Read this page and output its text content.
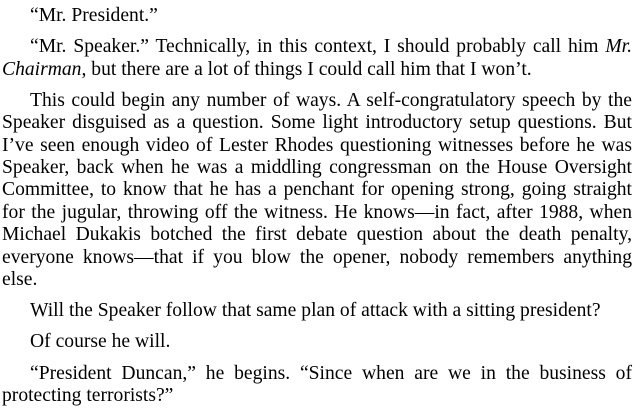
“Mr. President.”

“Mr. Speaker.” Technically, in this context, I should probably call him Mr. Chairman, but there are a lot of things I could call him that I won’t.

This could begin any number of ways. A self-congratulatory speech by the Speaker disguised as a question. Some light introductory setup questions. But I’ve seen enough video of Lester Rhodes questioning witnesses before he was Speaker, back when he was a middling congressman on the House Oversight Committee, to know that he has a penchant for opening strong, going straight for the jugular, throwing off the witness. He knows—in fact, after 1988, when Michael Dukakis botched the first debate question about the death penalty, everyone knows—that if you blow the opener, nobody remembers anything else.

Will the Speaker follow that same plan of attack with a sitting president?

Of course he will.

“President Duncan,” he begins. “Since when are we in the business of protecting terrorists?”
